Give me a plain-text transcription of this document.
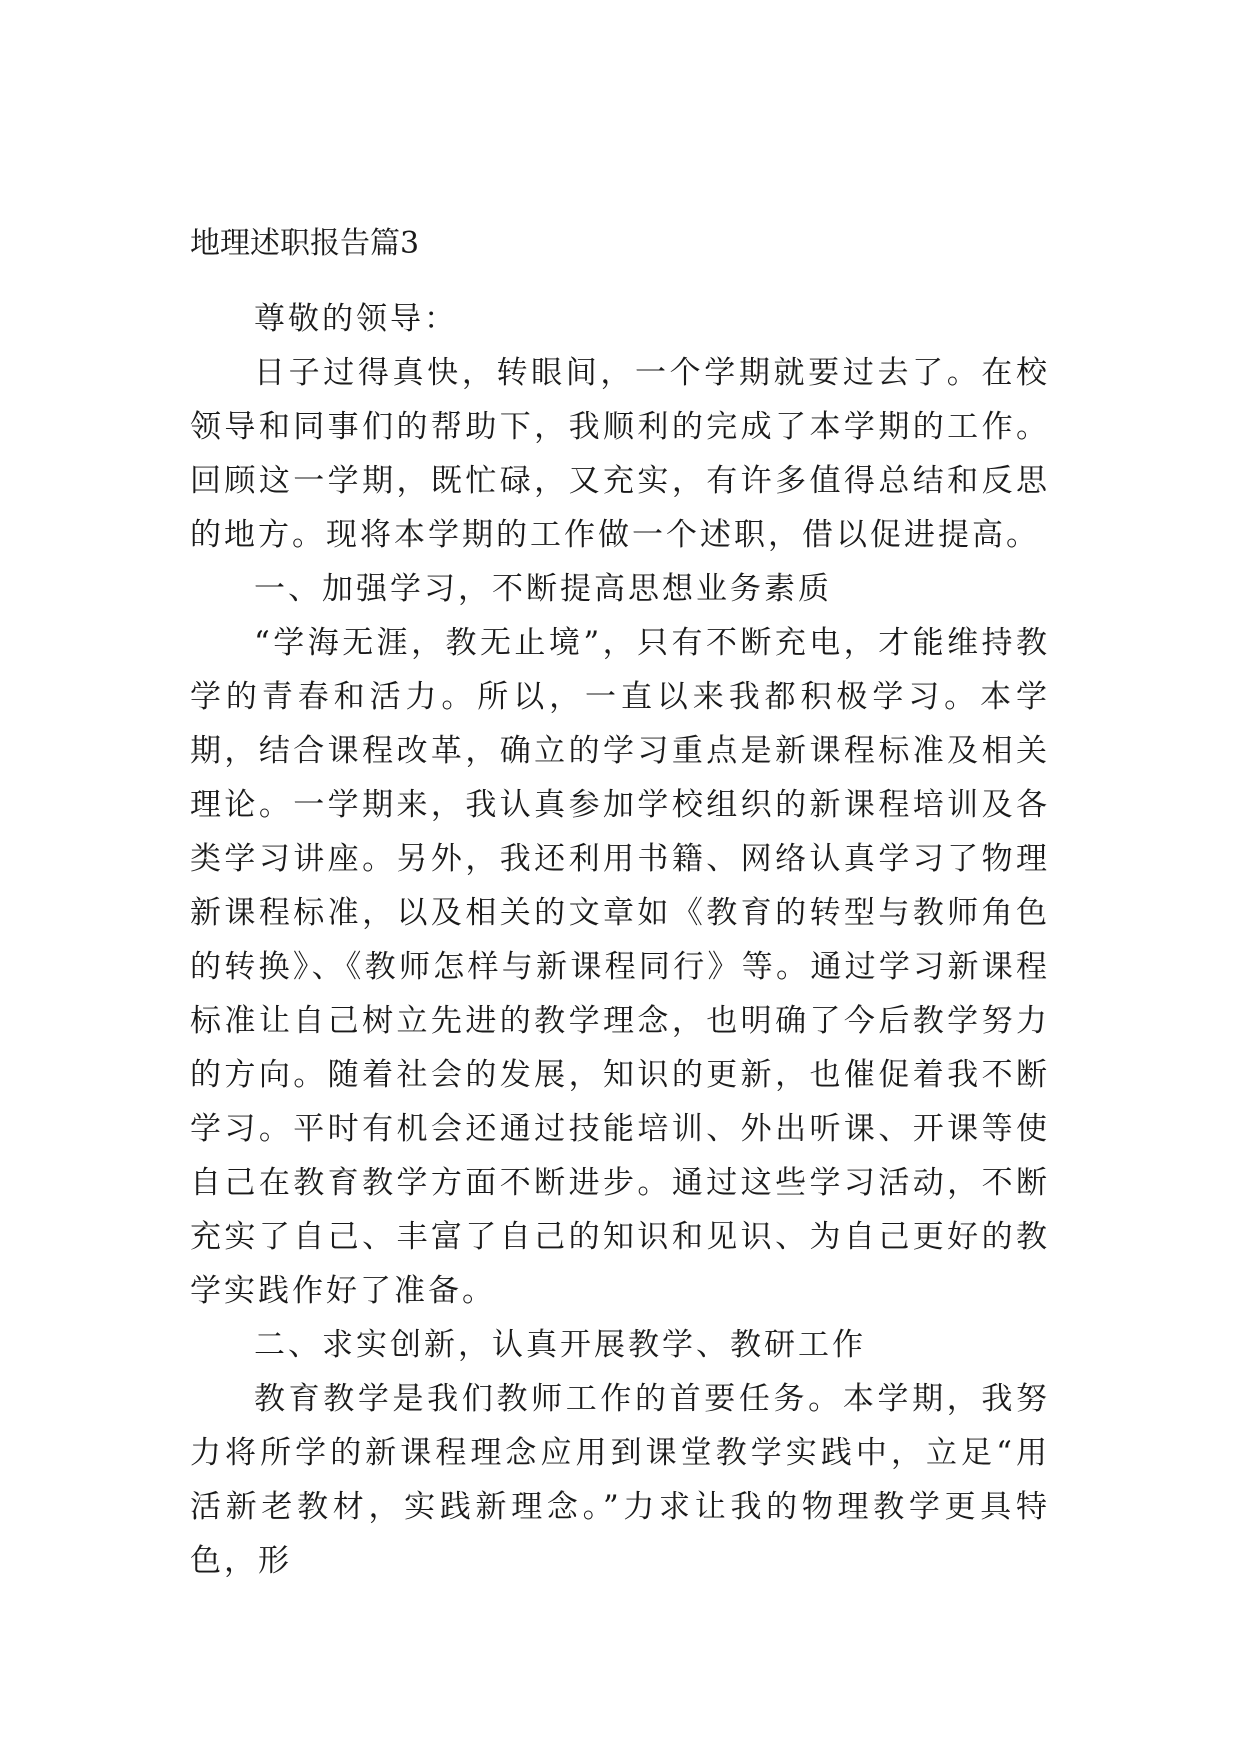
地理述职报告篇3

尊敬的领导：

日子过得真快，转眼间，一个学期就要过去了。在校领导和同事们的帮助下，我顺利的完成了本学期的工作。回顾这一学期，既忙碌，又充实，有许多值得总结和反思的地方。现将本学期的工作做一个述职，借以促进提高。

一、加强学习，不断提高思想业务素质

“学海无涯，教无止境”，只有不断充电，才能维持教学的青春和活力。所以，一直以来我都积极学习。本学期，结合课程改革，确立的学习重点是新课程标准及相关理论。一学期来，我认真参加学校组织的新课程培训及各类学习讲座。另外，我还利用书籍、网络认真学习了物理新课程标准，以及相关的文章如《教育的转型与教师角色的转换》、《教师怎样与新课程同行》等。通过学习新课程标准让自己树立先进的教学理念，也明确了今后教学努力的方向。随着社会的发展，知识的更新，也催促着我不断学习。平时有机会还通过技能培训、外出听课、开课等使自己在教育教学方面不断进步。通过这些学习活动，不断充实了自己、丰富了自己的知识和见识、为自己更好的教学实践作好了准备。

二、求实创新，认真开展教学、教研工作

教育教学是我们教师工作的首要任务。本学期，我努力将所学的新课程理念应用到课堂教学实践中，立足“用活新老教材，实践新理念。”力求让我的物理教学更具特色，形
